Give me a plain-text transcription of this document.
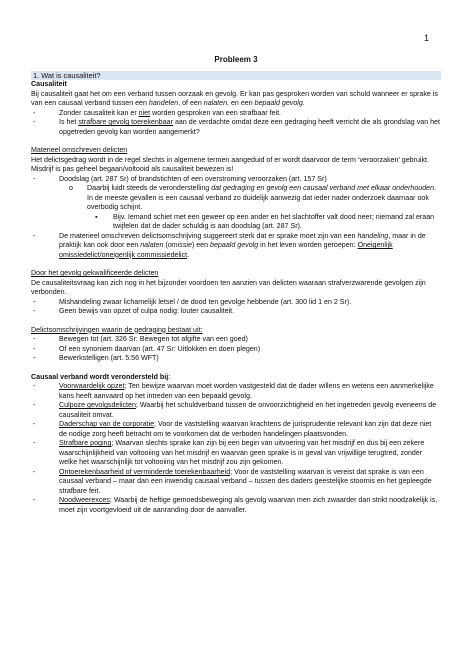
1
Probleem 3
1. Wat is causaliteit?

Causaliteit

Bij causaliteit gaat het om een verband tussen oorzaak en gevolg. Er kan pas gesproken worden van schuld wanneer er sprake is van een causaal verband tussen een handelen, of een nalaten, en een bepaald gevolg.

-	Zonder causaliteit kan er niet worden gesproken van een strafbaar feit.
-	Is het strafbare gevolg toerekenbaar aan de verdachte omdat deze een gedraging heeft verricht die als grondslag van het opgetreden gevolg kan worden aangemerkt?

Materieel omschreven delicten

Het delictsgedrag wordt in de regel slechts in algemene termen aangeduid of er wordt daarvoor de term ‘veroorzaken’ gebruikt. Misdrijf is pas geheel begaan/voltooid als causaliteit bewezen is!

-	Doodslag (art. 287 Sr) of brandstichten of een overstroming veroorzaken (art. 157 Sr)
o Daarbij luidt steeds de veronderstelling dat gedraging en gevolg een causaal verband met elkaar onderhouden. In de meeste gevallen is een causaal verband zo duidelijk aanwezig dat ieder nader onderzoek daarnaar ook overbodig schijnt.
▪ Bijv. Iemand schiet met een geweer op een ander en het slachtoffer valt dood neer; niemand zal eraan twijfelen dat de dader schuldig is aan doodslag (art. 287 Sr).
-	De materieel omschreven delictsomschrijving suggereert sterk dat er sprake moet zijn van een handeling, maar in de praktijk kan ook door een nalaten (omissie) een bepaald gevolg in het leven worden geroepen: Oneigenlijk omissiedelict/oneigenlijk commissiedelict.

Door het gevolg gekwalificeerde delicten

De causaliteitsvraag kan zich nog in het bijzonder voordoen ten aanzien van delicten waaraan strafverzwarende gevolgen zijn verbonden.

-	Mishandeling zwaar lichamelijk letsel / de dood ten gevolge hebbende (art. 300 lid 1 en 2 Sr).
-	Geen bewijs van opzet of culpa nodig: louter causaliteit.

Delictsomschrijvingen waarin de gedraging bestaat uit:

-	Bewegen tot (art. 326 Sr: Bewegen tot afgifte van een goed)
-	Of een synoniem daarvan (art. 47 Sr: Uitlokken en doen plegen)
-	Bewerkstelligen (art. 5:56 WFT)

Causaal verband wordt verondersteld bij:

-	Voorwaardelijk opzet; Ten bewijze waarvan moet worden vastgesteld dat de dader willens en wetens een aanmerkelijke kans heeft aanvaard op het intreden van een bepaald gevolg.
-	Culpoze gevolgsdelicten; Waarbij het schuldverband tussen de onvoorzichtigheid en het ingetreden gevolg eveneens de causaliteit omvat.
-	Daderschap van de corporatie; Voor de vaststelling waarvan krachtens de jurisprudentie relevant kan zijn dat deze niet de nodige zorg heeft betracht om te voorkomen dat de verboden handelingen plaatsvonden.
-	Strafbare poging; Waarvan slechts sprake kan zijn bij een begin van uitvoering van het misdrijf en dus bij een zekere waarschijnlijkheid van voltooiing van het misdrijf en waarvan geen sprake is in geval van vrijwillige terugtred, zonder welke het waarschijnlijk tot voltooiing van het misdrijf zou zijn gekomen.
-	Ontoerekenbaarheid of verminderde toerekenbaarheid; Voor de vaststelling waarvan is vereist dat sprake is van een causaal verband – maar dan een inwendig causaal verband – tussen des daders geestelijke stoornis en het gepleegde strafbare feit.
-	Noodweerexces; Waarbij de heftige gemoedsbeweging als gevolg waarvan men zich zwaarder dan strikt noodzakelijk is, moet zijn voortgevloeid uit de aanranding door de aanvaller.
